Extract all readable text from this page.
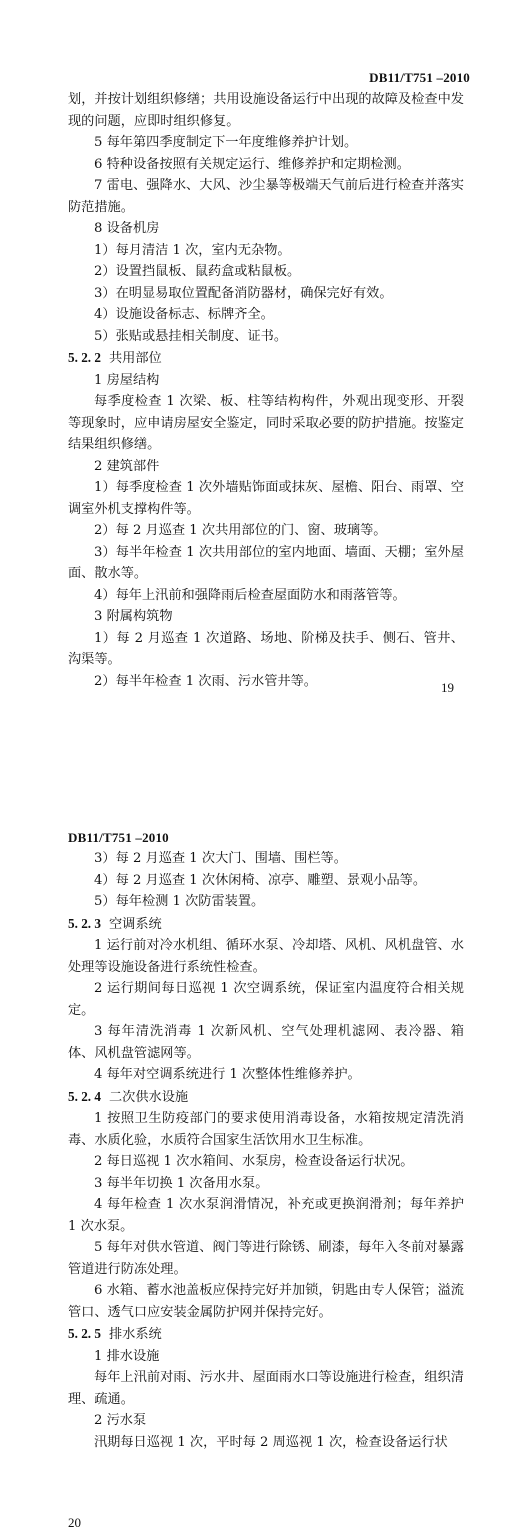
DB11/T751 –2010

划，并按计划组织修缮；共用设施设备运行中出现的故障及检查中发现的问题，应即时组织修复。

5 每年第四季度制定下一年度维修养护计划。

6 特种设备按照有关规定运行、维修养护和定期检测。

7 雷电、强降水、大风、沙尘暴等极端天气前后进行检查并落实防范措施。

8 设备机房

1）每月清洁 1 次，室内无杂物。

2）设置挡鼠板、鼠药盒或粘鼠板。

3）在明显易取位置配备消防器材，确保完好有效。

4）设施设备标志、标牌齐全。

5）张贴或悬挂相关制度、证书。

5. 2. 2 共用部位

1 房屋结构

每季度检查 1 次梁、板、柱等结构构件，外观出现变形、开裂等现象时，应申请房屋安全鉴定，同时采取必要的防护措施。按鉴定结果组织修缮。

2 建筑部件

1）每季度检查 1 次外墙贴饰面或抹灰、屋檐、阳台、雨罩、空调室外机支撑构件等。

2）每 2 月巡查 1 次共用部位的门、窗、玻璃等。

3）每半年检查 1 次共用部位的室内地面、墙面、天棚；室外屋面、散水等。

4）每年上汛前和强降雨后检查屋面防水和雨落管等。

3 附属构筑物

1）每 2 月巡查 1 次道路、场地、阶梯及扶手、侧石、管井、沟渠等。

2）每半年检查 1 次雨、污水管井等。	19
DB11/T751 –2010

3）每 2 月巡查 1 次大门、围墙、围栏等。

4）每 2 月巡查 1 次休闲椅、凉亭、雕塑、景观小品等。

5）每年检测 1 次防雷装置。

5. 2. 3 空调系统

1 运行前对冷水机组、循环水泵、冷却塔、风机、风机盘管、水处理等设施设备进行系统性检查。

2 运行期间每日巡视 1 次空调系统，保证室内温度符合相关规定。

3 每年清洗消毒 1 次新风机、空气处理机滤网、表冷器、箱体、风机盘管滤网等。

4 每年对空调系统进行 1 次整体性维修养护。

5. 2. 4 二次供水设施

1 按照卫生防疫部门的要求使用消毒设备，水箱按规定清洗消毒、水质化验，水质符合国家生活饮用水卫生标准。

2 每日巡视 1 次水箱间、水泵房，检查设备运行状况。

3 每半年切换 1 次备用水泵。

4 每年检查 1 次水泵润滑情况，补充或更换润滑剂；每年养护 1 次水泵。

5 每年对供水管道、阀门等进行除锈、刷漆，每年入冬前对暴露管道进行防冻处理。

6 水箱、蓄水池盖板应保持完好并加锁，钥匙由专人保管；溢流管口、透气口应安装金属防护网并保持完好。

5. 2. 5 排水系统

1 排水设施

每年上汛前对雨、污水井、屋面雨水口等设施进行检查，组织清理、疏通。

2 污水泵

汛期每日巡视 1 次，平时每 2 周巡视 1 次，检查设备运行状

20
